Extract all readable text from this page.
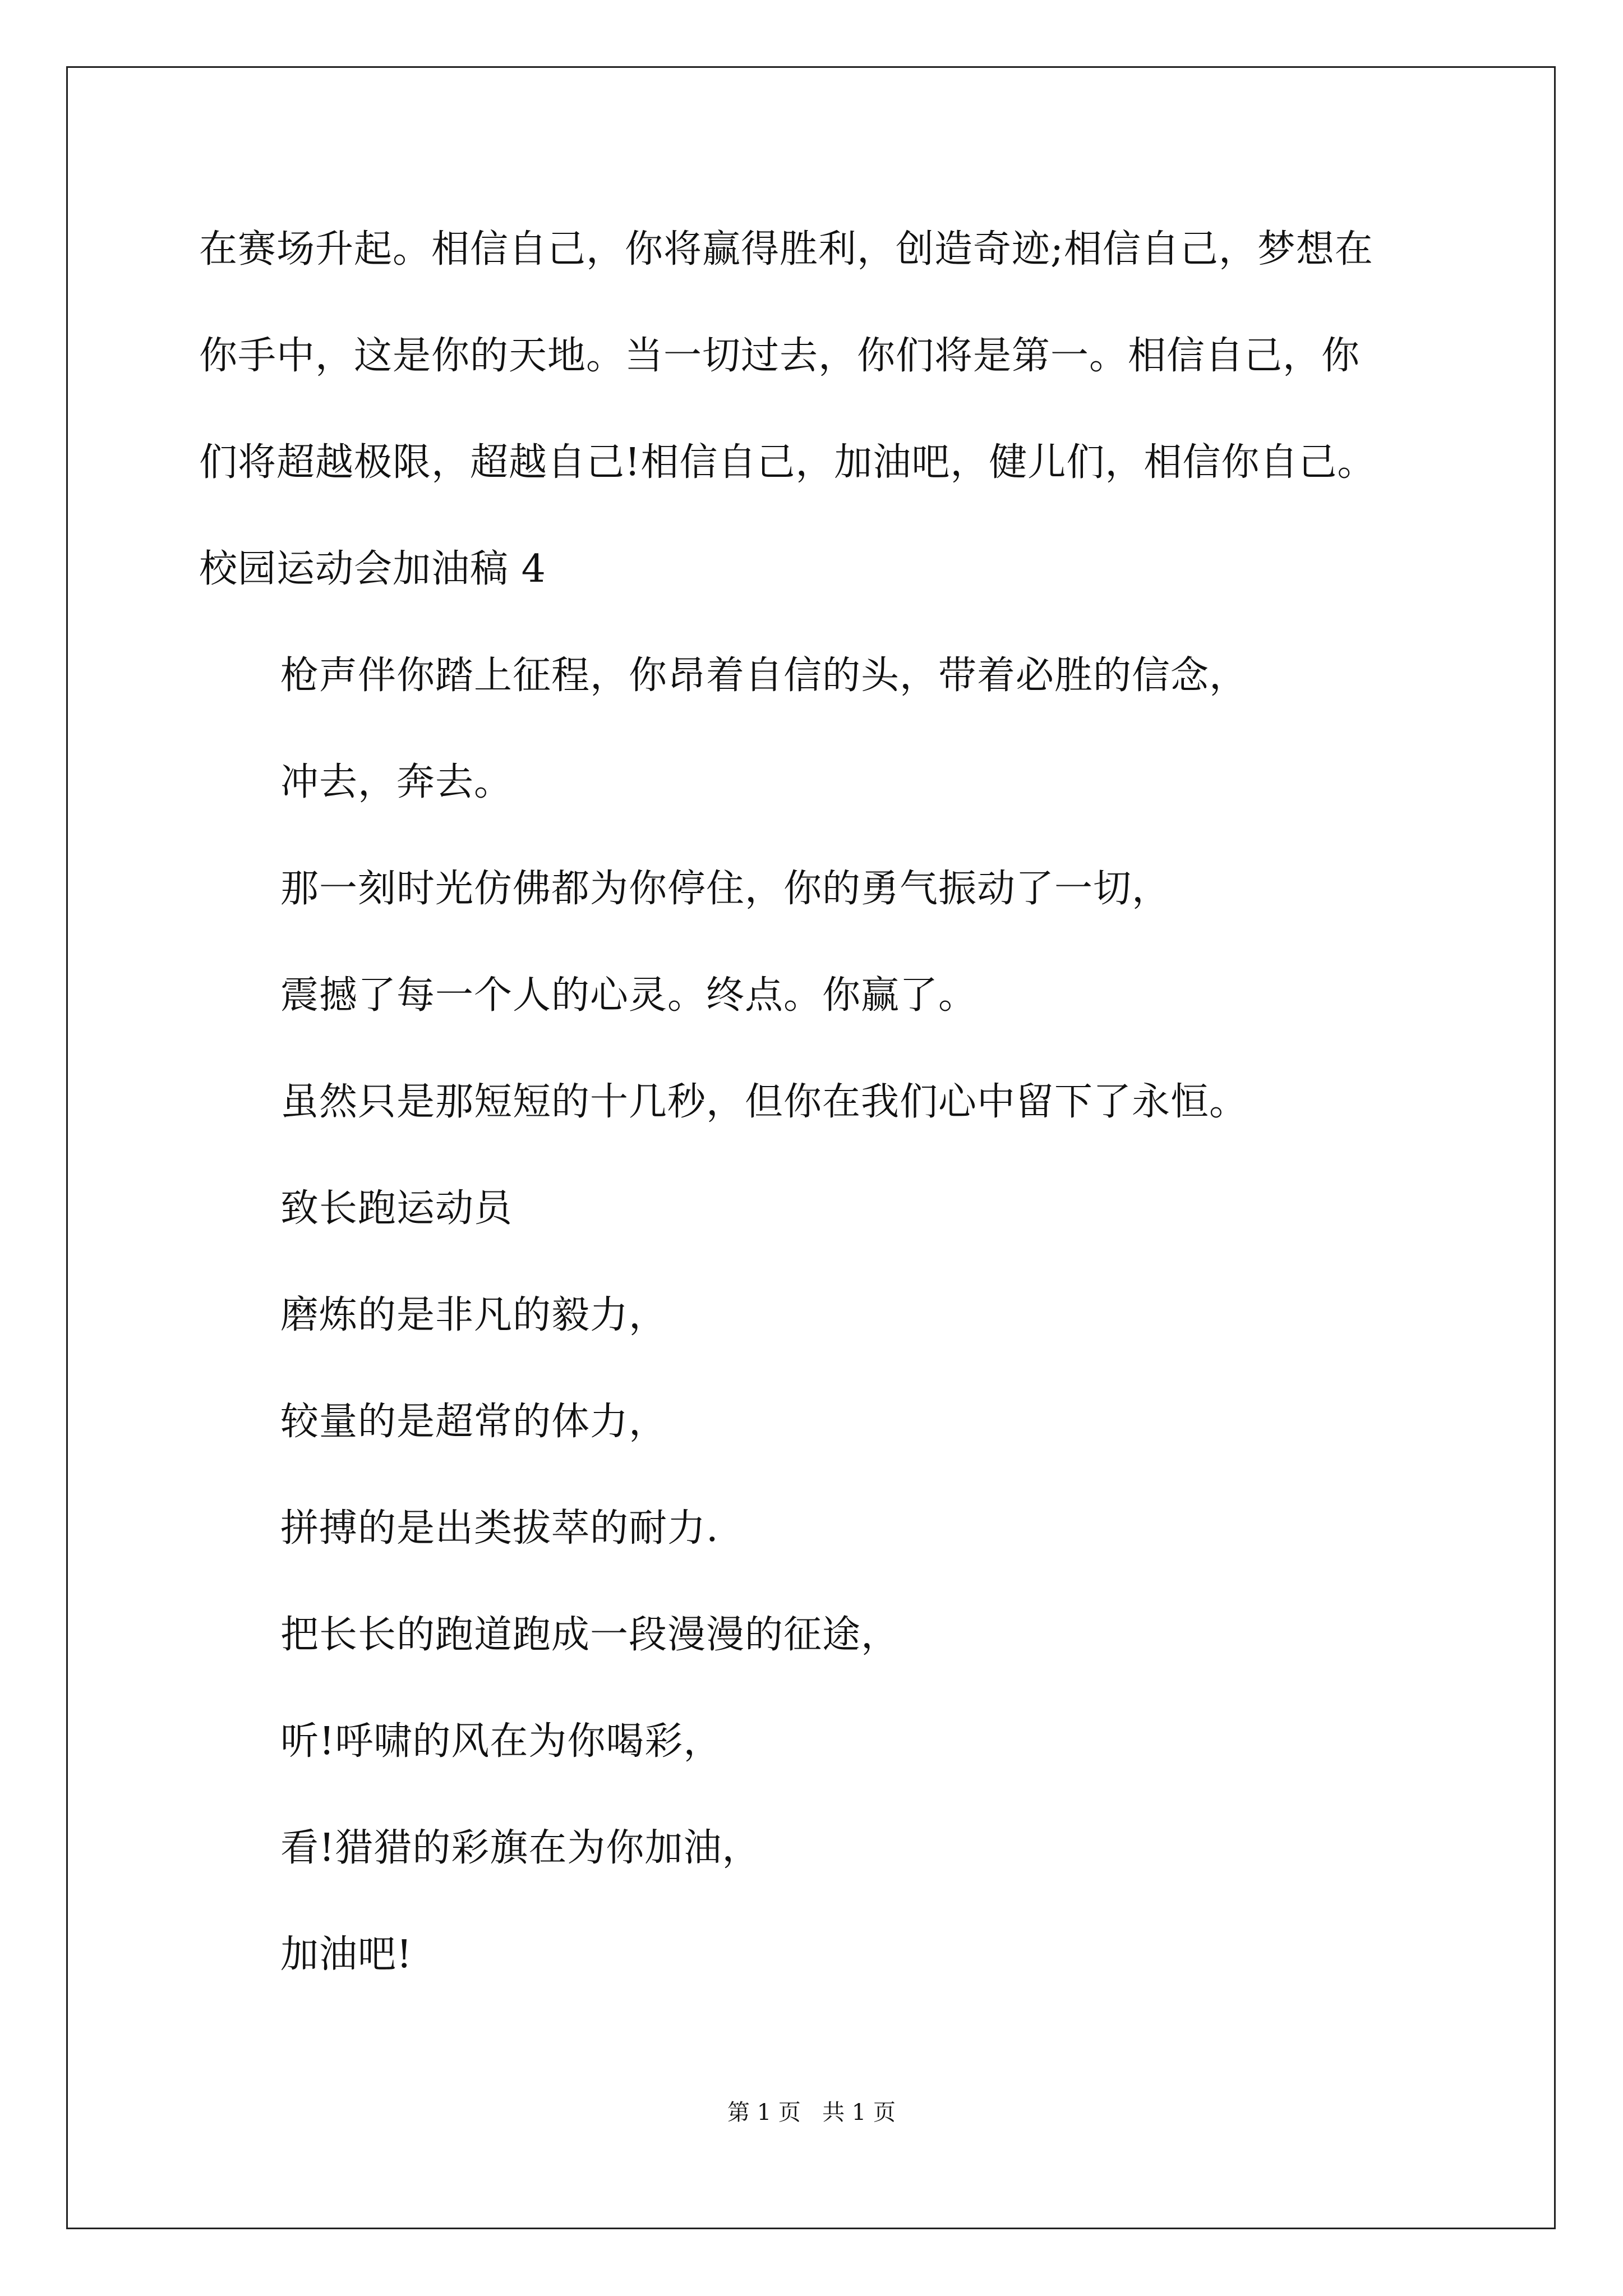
在赛场升起。相信自己，你将赢得胜利，创造奇迹;相信自己，梦想在
你手中，这是你的天地。当一切过去，你们将是第一。相信自己，你
们将超越极限，超越自己!相信自己，加油吧，健儿们，相信你自己。
校园运动会加油稿 4
枪声伴你踏上征程，你昂着自信的头，带着必胜的信念，
冲去，奔去。
那一刻时光仿佛都为你停住，你的勇气振动了一切，
震撼了每一个人的心灵。终点。你赢了。
虽然只是那短短的十几秒，但你在我们心中留下了永恒。
致长跑运动员
磨炼的是非凡的毅力，
较量的是超常的体力，
拼搏的是出类拔萃的耐力.
把长长的跑道跑成一段漫漫的征途，
听!呼啸的风在为你喝彩，
看!猎猎的彩旗在为你加油，
加油吧!
第 1 页   共 1 页
